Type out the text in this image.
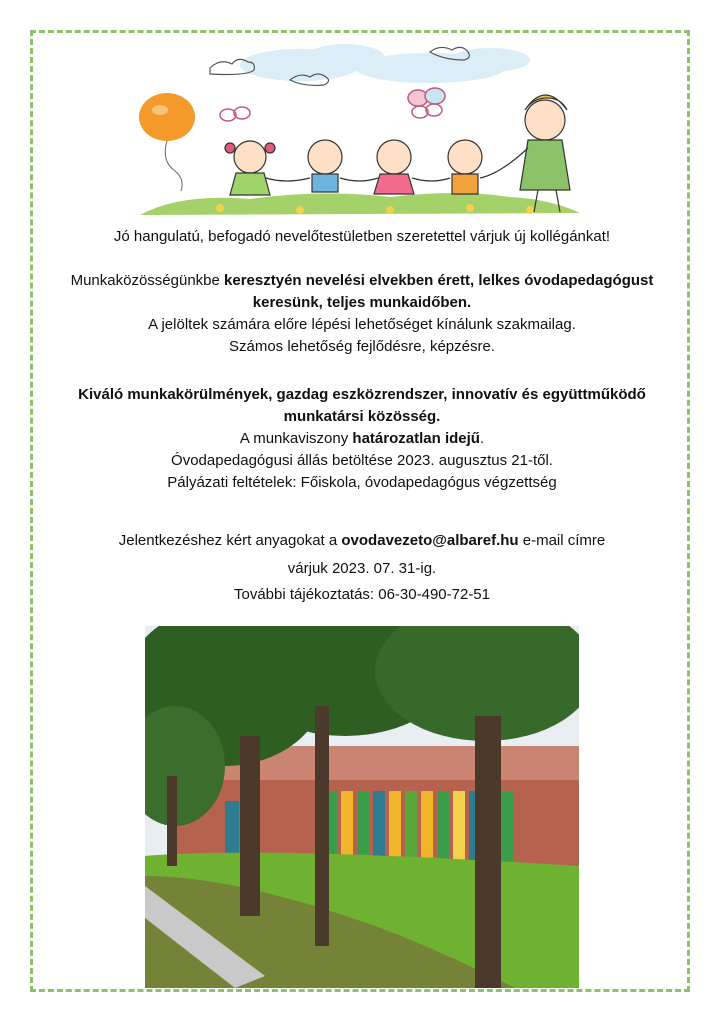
Jó hangulatú, befogadó nevelőtestületben szeretettel várjuk új kollégánkat!
Munkaközösségünkbe keresztyén nevelési elvekben érett, lelkes óvodapedagógust
keresünk, teljes munkaidőben.
A jelöltek számára előre lépési lehetőséget kínálunk szakmailag.
Számos lehetőség fejlődésre, képzésre.
Kiváló munkakörülmények, gazdag eszközrendszer, innovatív és együttműködő
munkatársi közösség.
A munkaviszony határozatlan idejű.
Óvodapedagógusi állás betöltése 2023. augusztus 21-től.
Pályázati feltételek: Főiskola, óvodapedagógus végzettség
Jelentkezéshez kért anyagokat a ovodavezeto@albaref.hu e-mail címre
várjuk 2023. 07. 31-ig.
További tájékoztatás: 06-30-490-72-51
